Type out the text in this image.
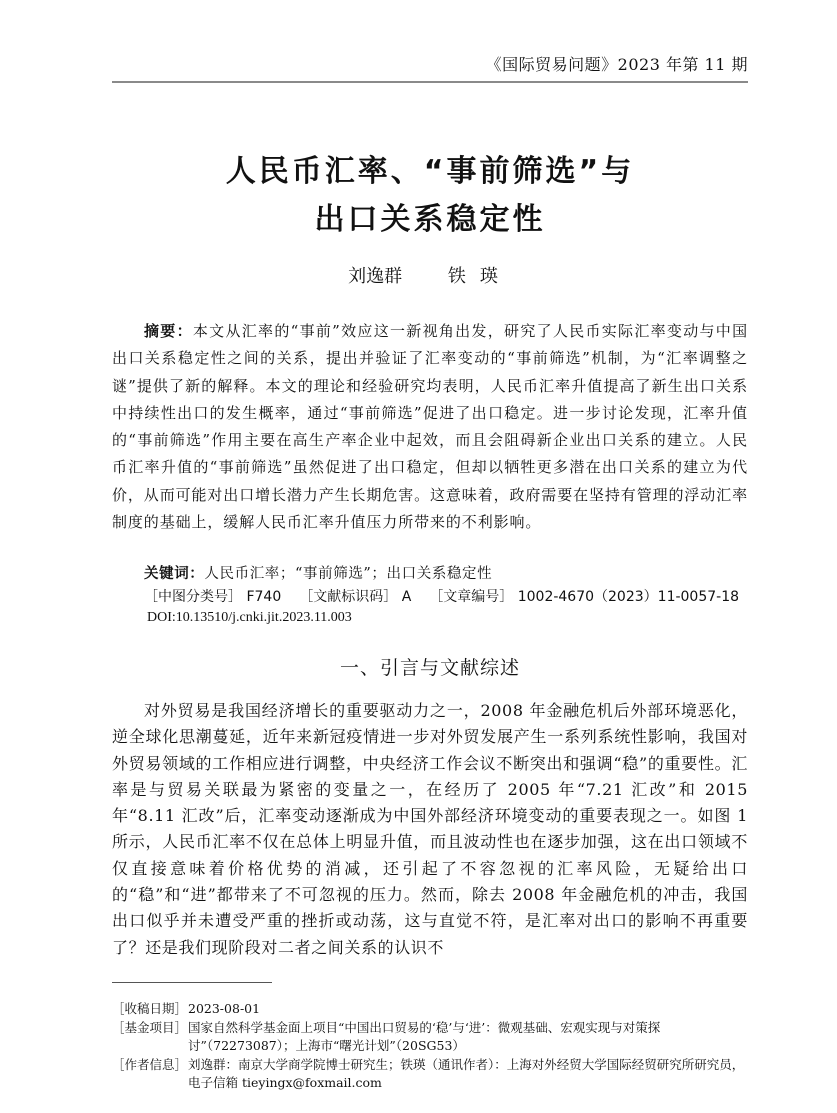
《国际贸易问题》2023 年第 11 期
人民币汇率、“事前筛选”与
出口关系稳定性
刘逸群	铁瑛
摘要：本文从汇率的“事前”效应这一新视角出发，研究了人民币实际汇率变动与中国出口关系稳定性之间的关系，提出并验证了汇率变动的“事前筛选”机制，为“汇率调整之谜”提供了新的解释。本文的理论和经验研究均表明，人民币汇率升值提高了新生出口关系中持续性出口的发生概率，通过“事前筛选”促进了出口稳定。进一步讨论发现，汇率升值的“事前筛选”作用主要在高生产率企业中起效，而且会阻碍新企业出口关系的建立。人民币汇率升值的“事前筛选”虽然促进了出口稳定，但却以牺牲更多潜在出口关系的建立为代价，从而可能对出口增长潜力产生长期危害。这意味着，政府需要在坚持有管理的浮动汇率制度的基础上，缓解人民币汇率升值压力所带来的不利影响。
关键词：人民币汇率；“事前筛选”；出口关系稳定性
［中图分类号］ F740 ［文献标识码］ A ［文章编号］ 1002-4670（2023）11-0057-18
DOI:10.13510/j.cnki.jit.2023.11.003
一、引言与文献综述
对外贸易是我国经济增长的重要驱动力之一，2008 年金融危机后外部环境恶化，逆全球化思潮蔓延，近年来新冠疫情进一步对外贸发展产生一系列系统性影响，我国对外贸易领域的工作相应进行调整，中央经济工作会议不断突出和强调“稳”的重要性。汇率是与贸易关联最为紧密的变量之一，在经历了 2005 年“7.21 汇改”和 2015 年“8.11 汇改”后，汇率变动逐渐成为中国外部经济环境变动的重要表现之一。如图 1 所示，人民币汇率不仅在总体上明显升值，而且波动性也在逐步加强，这在出口领域不仅直接意味着价格优势的消减，还引起了不容忽视的汇率风险，无疑给出口的“稳”和“进”都带来了不可忽视的压力。然而，除去 2008 年金融危机的冲击，我国出口似乎并未遭受严重的挫折或动荡，这与直觉不符，是汇率对出口的影响不再重要了？还是我们现阶段对二者之间关系的认识不
［收稿日期］ 2023-08-01
［基金项目］ 国家自然科学基金面上项目“中国出口贸易的‘稳’与‘进’：微观基础、宏观实现与对策探讨”（72273087）；上海市“曙光计划”（20SG53）
［作者信息］ 刘逸群：南京大学商学院博士研究生；铁瑛（通讯作者）：上海对外经贸大学国际经贸研究所研究员，电子信箱 tieyingx@foxmail.com
